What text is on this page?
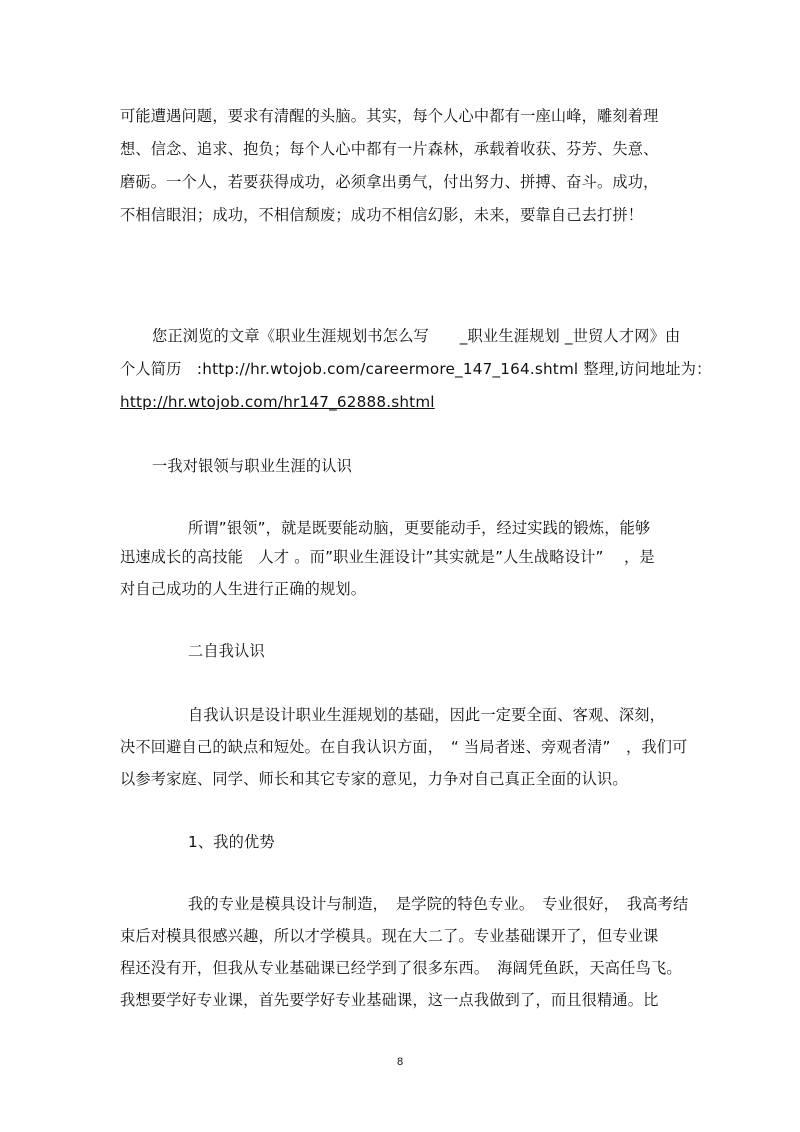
可能遭遇问题，要求有清醒的头脑。其实，每个人心中都有一座山峰，雕刻着理
想、信念、追求、抱负；每个人心中都有一片森林，承载着收获、芬芳、失意、
磨砺。一个人，若要获得成功，必须拿出勇气，付出努力、拼搏、奋斗。成功，
不相信眼泪；成功，不相信颓废；成功不相信幻影，未来，要靠自己去打拼！
您正浏览的文章《职业生涯规划书怎么写　　_职业生涯规划 _世贸人才网》由
个人简历　:http://hr.wtojob.com/careermore_147_164.shtml 整理,访问地址为：
http://hr.wtojob.com/hr147_62888.shtml
一我对银领与职业生涯的认识
所谓”银领”，就是既要能动脑，更要能动手，经过实践的锻炼，能够
迅速成长的高技能　人才 。而”职业生涯设计”其实就是”人生战略设计”　 ，是
对自己成功的人生进行正确的规划。
二自我认识
自我认识是设计职业生涯规划的基础，因此一定要全面、客观、深刻，
决不回避自己的缺点和短处。在自我认识方面，　“ 当局者迷、旁观者清”　，我们可
以参考家庭、同学、师长和其它专家的意见，力争对自己真正全面的认识。
1、我的优势
我的专业是模具设计与制造，　是学院的特色专业。　专业很好，　我高考结
束后对模具很感兴趣，所以才学模具。现在大二了。专业基础课开了，但专业课
程还没有开，但我从专业基础课已经学到了很多东西。　海阔凭鱼跃，天高任鸟飞。
我想要学好专业课，首先要学好专业基础课，这一点我做到了，而且很精通。比
8
